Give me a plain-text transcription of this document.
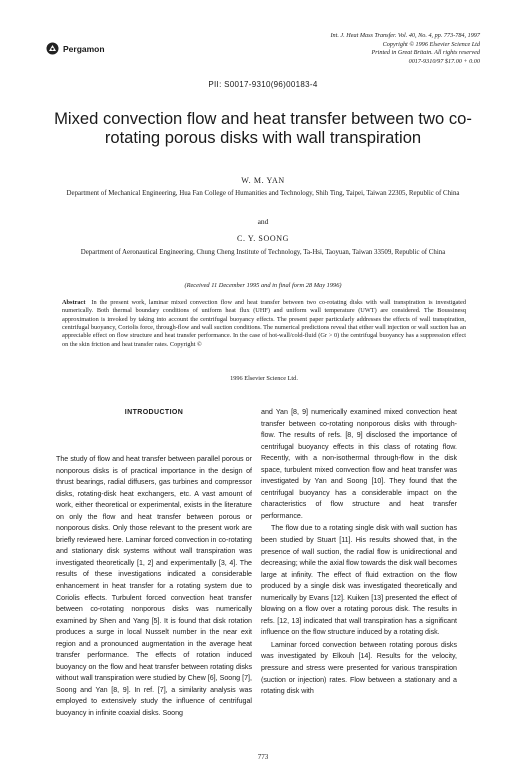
Pergamon
Int. J. Heat Mass Transfer. Vol. 40, No. 4, pp. 773-784, 1997
Copyright © 1996 Elsevier Science Ltd
Printed in Great Britain. All rights reserved
0017-9310/97 $17.00 + 0.00
PII: S0017-9310(96)00183-4
Mixed convection flow and heat transfer between two co-rotating porous disks with wall transpiration
W. M. YAN
Department of Mechanical Engineering, Hua Fan College of Humanities and Technology, Shih Ting, Taipei, Taiwan 22305, Republic of China
and
C. Y. SOONG
Department of Aeronautical Engineering, Chung Cheng Institute of Technology, Ta-Hsi, Taoyuan, Taiwan 33509, Republic of China
(Received 11 December 1995 and in final form 28 May 1996)
Abstract In the present work, laminar mixed convection flow and heat transfer between two co-rotating disks with wall transpiration is investigated numerically. Both thermal boundary conditions of uniform heat flux (UHF) and uniform wall temperature (UWT) are considered. The Boussinesq approximation is invoked by taking into account the centrifugal buoyancy effects. The present paper particularly addresses the effects of wall transpiration, centrifugal buoyancy, Coriolis force, through-flow and wall suction conditions. The numerical predictions reveal that either wall injection or wall suction has an appreciable effect on flow structure and heat transfer performance. In the case of hot-wall/cold-fluid (Gr > 0) the centrifugal buoyancy has a suppression effect on the skin friction and heat transfer rates. Copyright ©
1996 Elsevier Science Ltd.
INTRODUCTION

The study of flow and heat transfer between parallel porous or nonporous disks is of practical importance in the design of thrust bearings, radial diffusers, gas turbines and compressor disks, rotating-disk heat exchangers, etc. A vast amount of work, either theoretical or experimental, exists in the literature on only the flow and heat transfer between porous or nonporous disks. Only those relevant to the present work are briefly reviewed here. Laminar forced convection in co-rotating and stationary disk systems without wall transpiration was investigated theoretically [1, 2] and experimentally [3, 4]. The results of these investigations indicated a considerable enhancement in heat transfer for a rotating system due to Coriolis effects. Turbulent forced convection heat transfer between co-rotating nonporous disks was numerically examined by Shen and Yang [5]. It is found that disk rotation produces a surge in local Nusselt number in the near exit region and a pronounced augmentation in the average heat transfer performance. The effects of rotation induced buoyancy on the flow and heat transfer between rotating disks without wall transpiration were studied by Chew [6], Soong [7], Soong and Yan [8, 9]. In ref. [7], a similarity analysis was employed to extensively study the influence of centrifugal buoyancy in infinite coaxial disks. Soong

and Yan [8, 9] numerically examined mixed convection heat transfer between co-rotating nonporous disks with through-flow. The results of refs. [8, 9] disclosed the importance of centrifugal buoyancy effects in this class of rotating flow. Recently, with a non-isothermal through-flow in the disk space, turbulent mixed convection flow and heat transfer was investigated by Yan and Soong [10]. They found that the centrifugal buoyancy has a considerable impact on the characteristics of flow structure and heat transfer performance.

The flow due to a rotating single disk with wall suction has been studied by Stuart [11]. His results showed that, in the presence of wall suction, the radial flow is unidirectional and decreasing; while the axial flow towards the disk wall becomes large at infinity. The effect of fluid extraction on the flow produced by a single disk was investigated theoretically and numerically by Evans [12]. Kuiken [13] presented the effect of blowing on a flow over a rotating porous disk. The results in refs. [12, 13] indicated that wall transpiration has a significant influence on the flow structure induced by a rotating disk.

Laminar forced convection between rotating porous disks was investigated by Elkouh [14]. Results for the velocity, pressure and stress were presented for various transpiration (suction or injection) rates. Flow between a stationary and a rotating disk with

773
